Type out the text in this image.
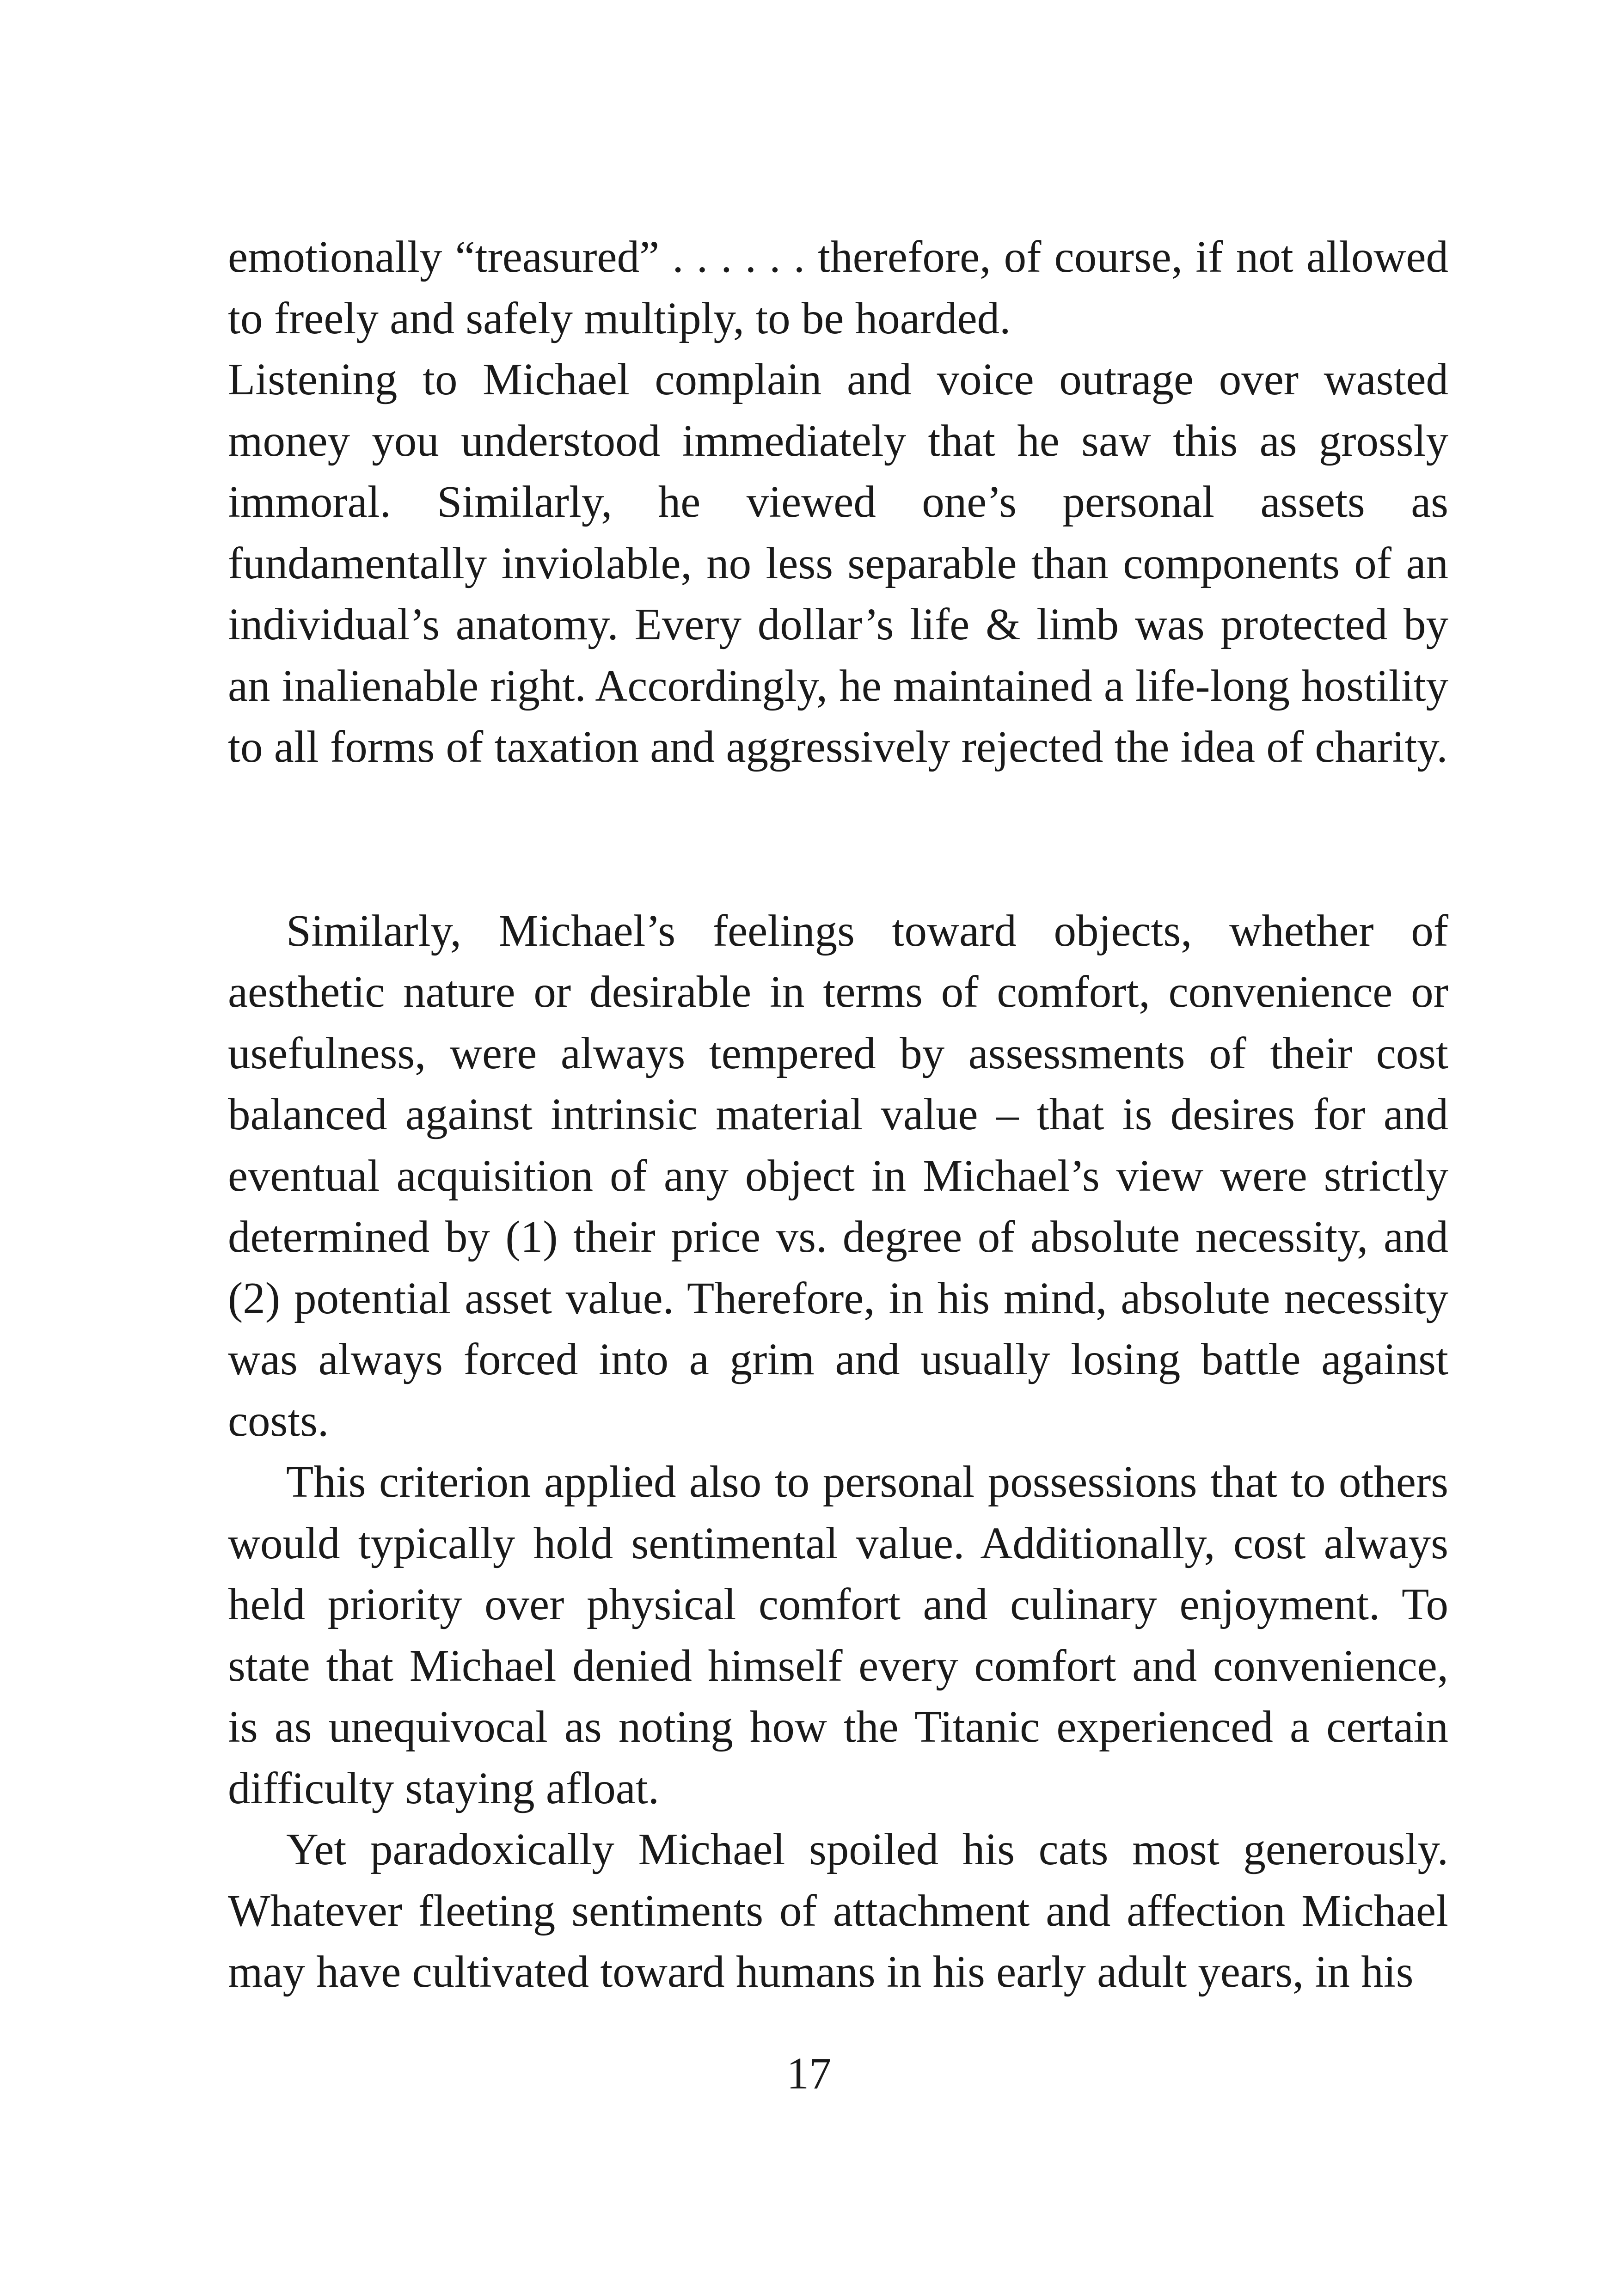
emotionally “treasured” . . . . . . therefore, of course, if not allowed to freely and safely multiply, to be hoarded.

Listening to Michael complain and voice outrage over wasted money you understood immediately that he saw this as grossly immoral. Similarly, he viewed one’s personal assets as fundamentally inviolable, no less separable than components of an individual’s anatomy. Every dollar’s life & limb was protected by an inalienable right. Accordingly, he maintained a life-long hostility to all forms of taxation and aggressively rejected the idea of charity.

Similarly, Michael’s feelings toward objects, whether of aesthetic nature or desirable in terms of comfort, convenience or usefulness, were always tempered by assessments of their cost balanced against intrinsic material value – that is desires for and eventual acquisition of any object in Michael’s view were strictly determined by (1) their price vs. degree of absolute necessity, and (2) potential asset value. Therefore, in his mind, absolute necessity was always forced into a grim and usually losing battle against costs.

This criterion applied also to personal possessions that to others would typically hold sentimental value. Additionally, cost always held priority over physical comfort and culinary enjoyment. To state that Michael denied himself every comfort and convenience, is as unequivocal as noting how the Titanic experienced a certain difficulty staying afloat.

Yet paradoxically Michael spoiled his cats most generously. Whatever fleeting sentiments of attachment and affection Michael may have cultivated toward humans in his early adult years, in his

17
